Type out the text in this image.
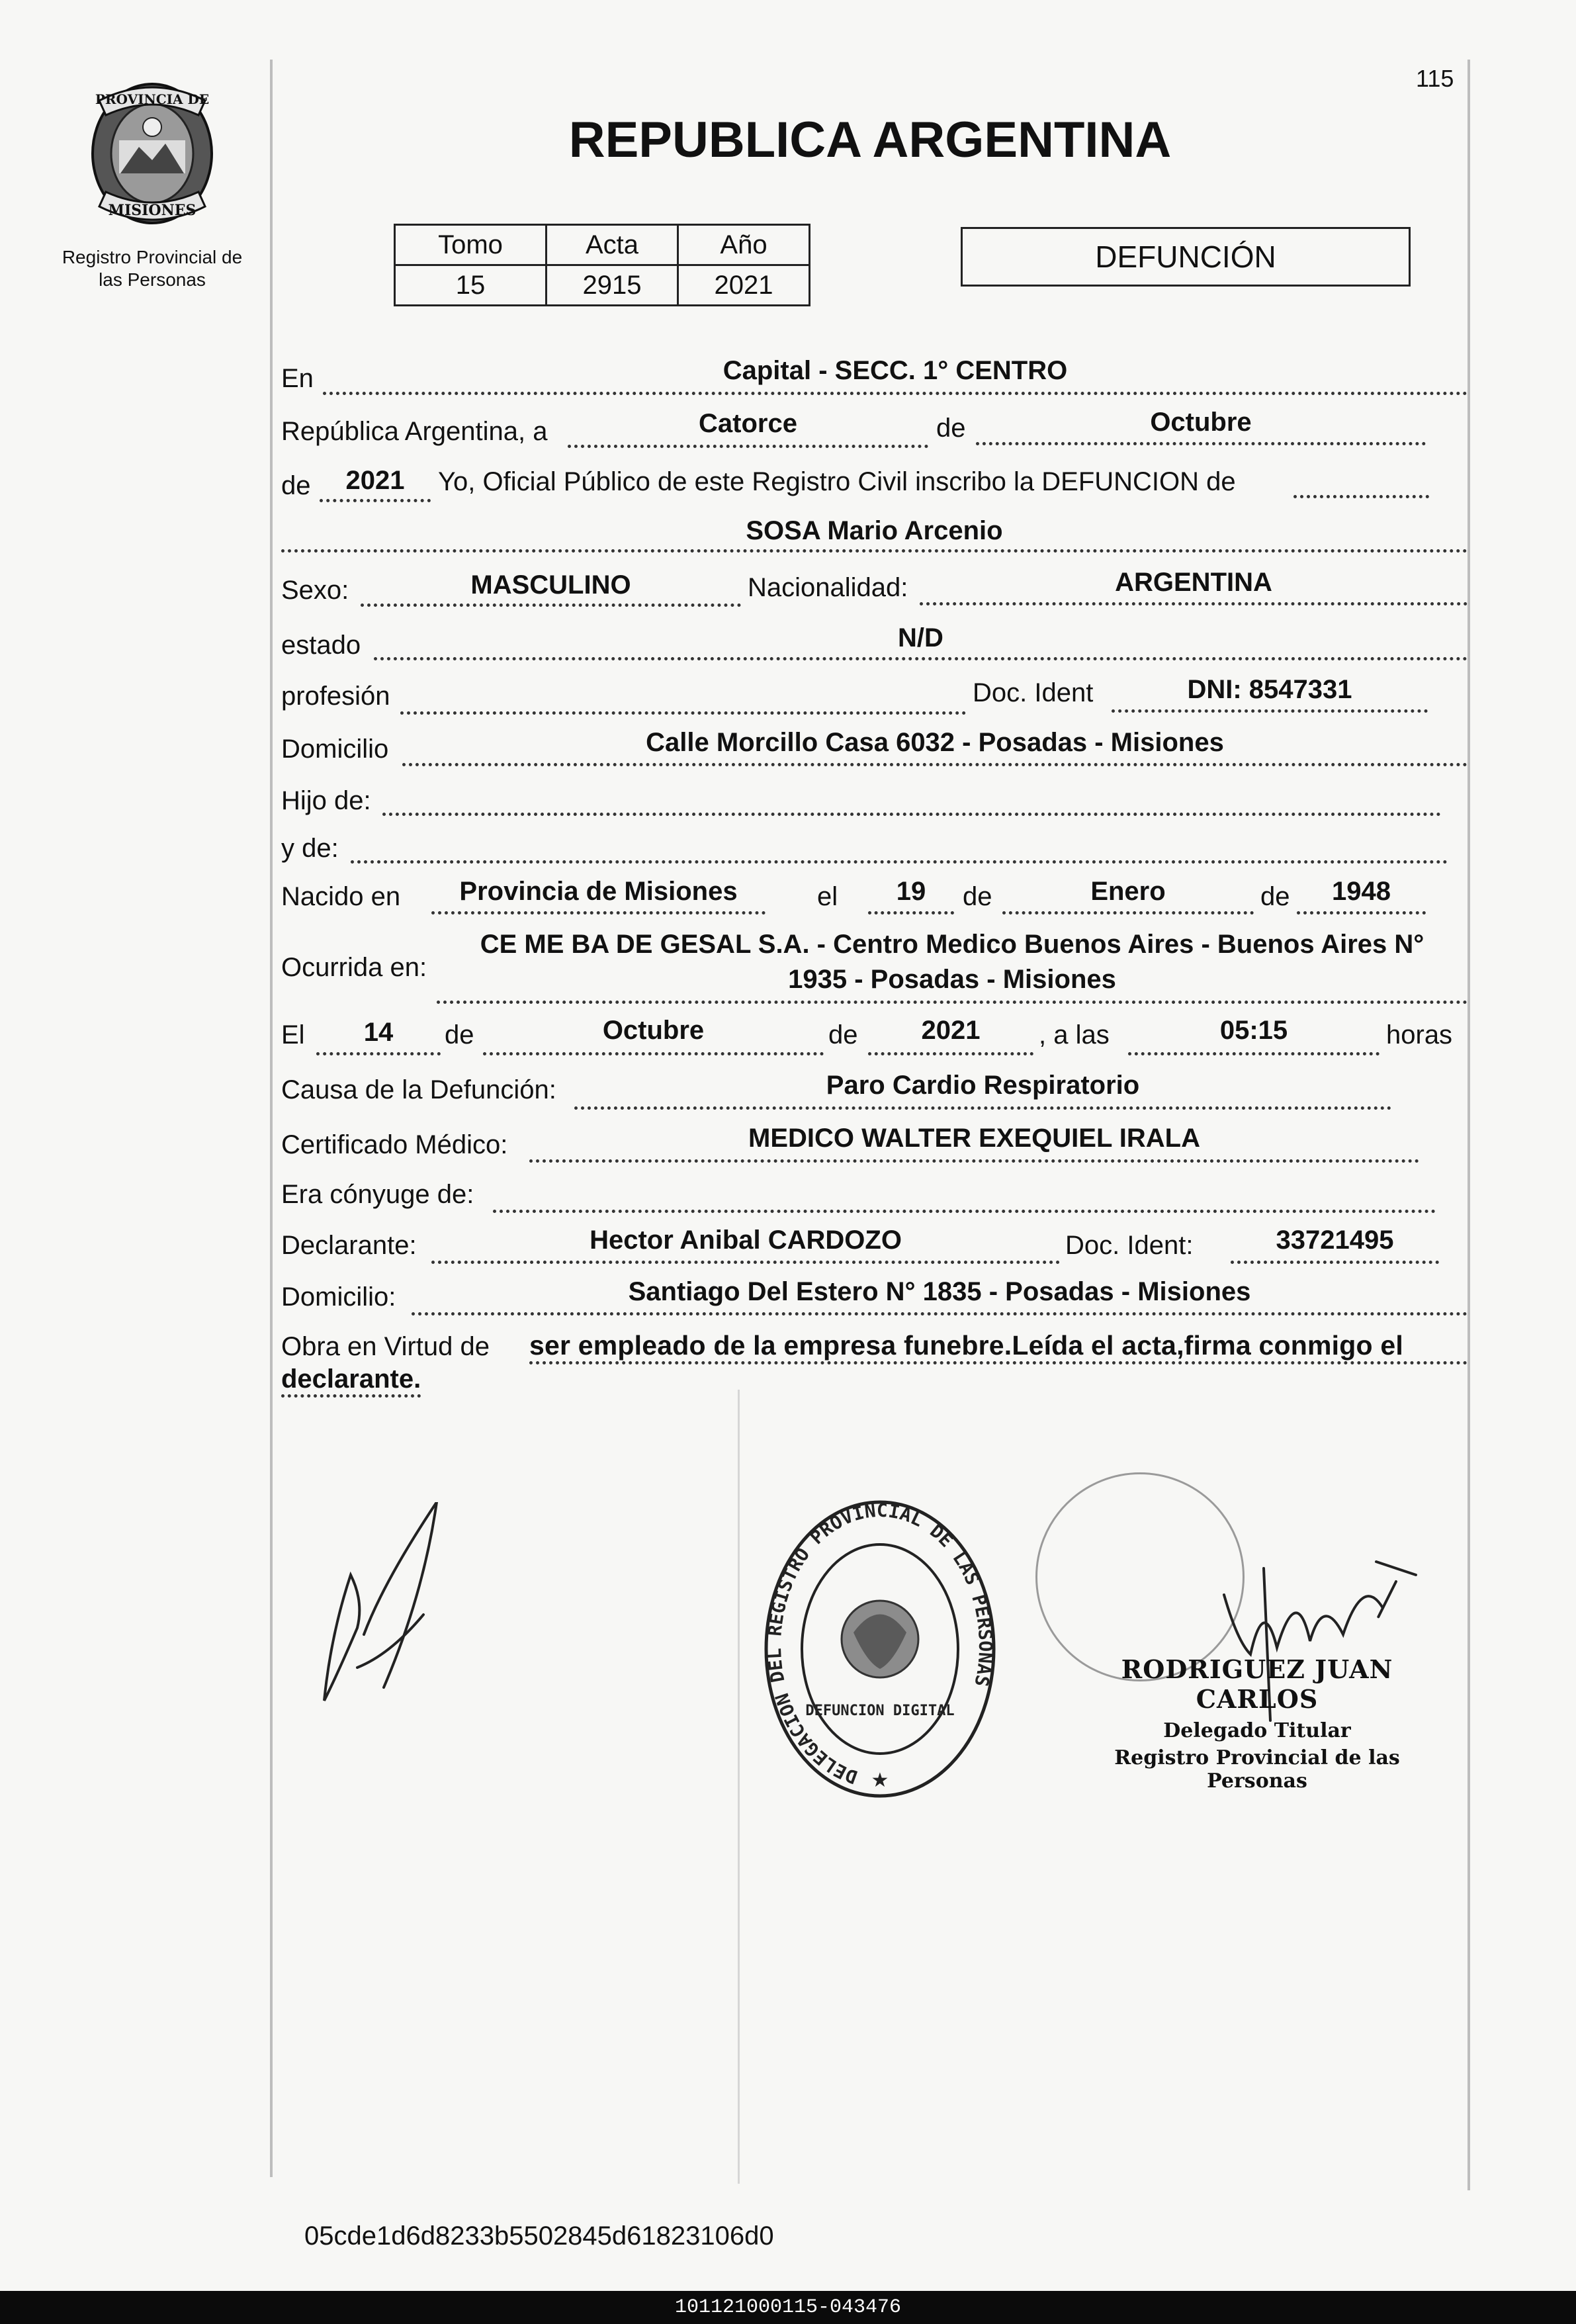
PROVINCIA DE
MISIONES
Registro Provincial de
las Personas
115
REPUBLICA ARGENTINA
Tomo	Acta	Año
15	2915	2021
DEFUNCIÓN
En	Capital - SECC. 1° CENTRO
República Argentina, a	Catorce	de	Octubre
de	2021	Yo, Oficial Público de este Registro Civil inscribo la DEFUNCION de
SOSA Mario Arcenio
Sexo:	MASCULINO	Nacionalidad:	ARGENTINA
estado	N/D
profesión	Doc. Ident	DNI: 8547331
Domicilio	Calle Morcillo Casa 6032 - Posadas - Misiones
Hijo de:
y de:
Nacido en	Provincia de Misiones	el	19	de	Enero	de	1948
Ocurrida en:
CE ME BA DE GESAL S.A. - Centro Medico Buenos Aires - Buenos Aires N°
1935 - Posadas - Misiones
El	14	de	Octubre	de	2021	, a las	05:15	horas
Causa de la Defunción:	Paro Cardio Respiratorio
Certificado Médico:	MEDICO WALTER EXEQUIEL IRALA
Era cónyuge de:
Declarante:	Hector Anibal CARDOZO	Doc. Ident:	33721495
Domicilio:	Santiago Del Estero N° 1835 - Posadas - Misiones
Obra en Virtud de ser empleado de la empresa funebre.Leída el acta,firma conmigo el
declarante.
DELEGACION DEL REGISTRO PROVINCIAL DE LAS PERSONAS
DEFUNCION DIGITAL
★
RODRIGUEZ JUAN CARLOS
Delegado Titular
Registro Provincial de las Personas
05cde1d6d8233b5502845d61823106d0
101121000115-043476
